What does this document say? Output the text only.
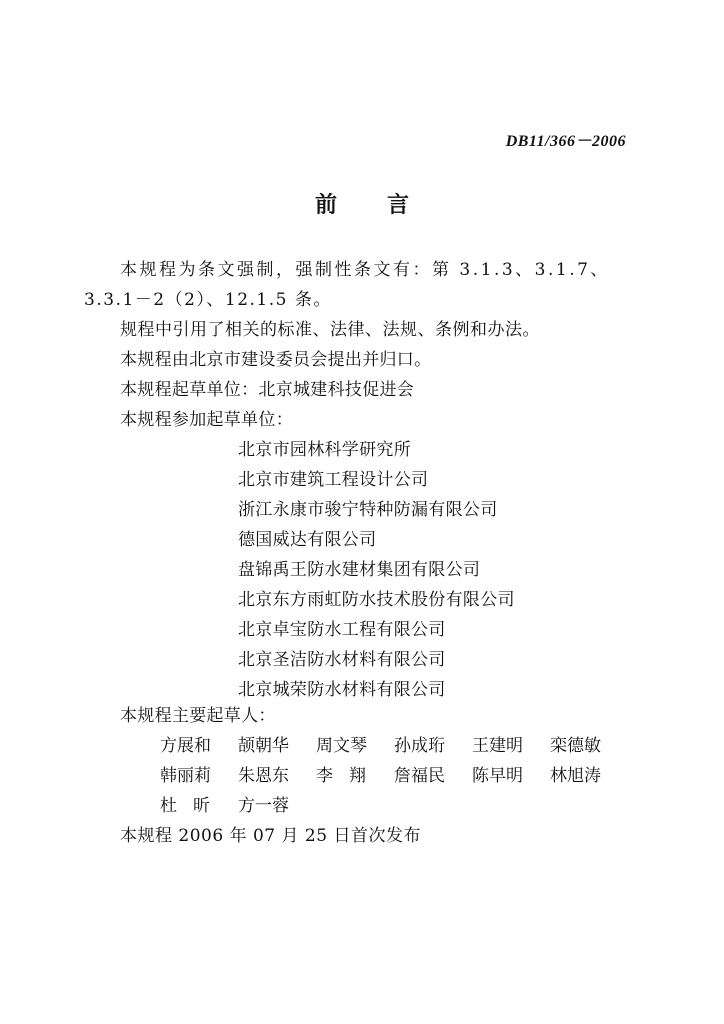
DB11/366－2006
前 言
本规程为条文强制，强制性条文有：第 3.1.3、3.1.7、
3.3.1－2（2）、12.1.5 条。
规程中引用了相关的标准、法律、法规、条例和办法。
本规程由北京市建设委员会提出并归口。
本规程起草单位：北京城建科技促进会
本规程参加起草单位：
北京市园林科学研究所
北京市建筑工程设计公司
浙江永康市骏宁特种防漏有限公司
德国威达有限公司
盘锦禹王防水建材集团有限公司
北京东方雨虹防水技术股份有限公司
北京卓宝防水工程有限公司
北京圣洁防水材料有限公司
北京城荣防水材料有限公司
本规程主要起草人：
方展和 颉朝华 周文琴 孙成珩 王建明 栾德敏
韩丽莉 朱恩东 李翔 詹福民 陈早明 林旭涛
杜昕 方一蓉
本规程 2006 年 07 月 25 日首次发布
